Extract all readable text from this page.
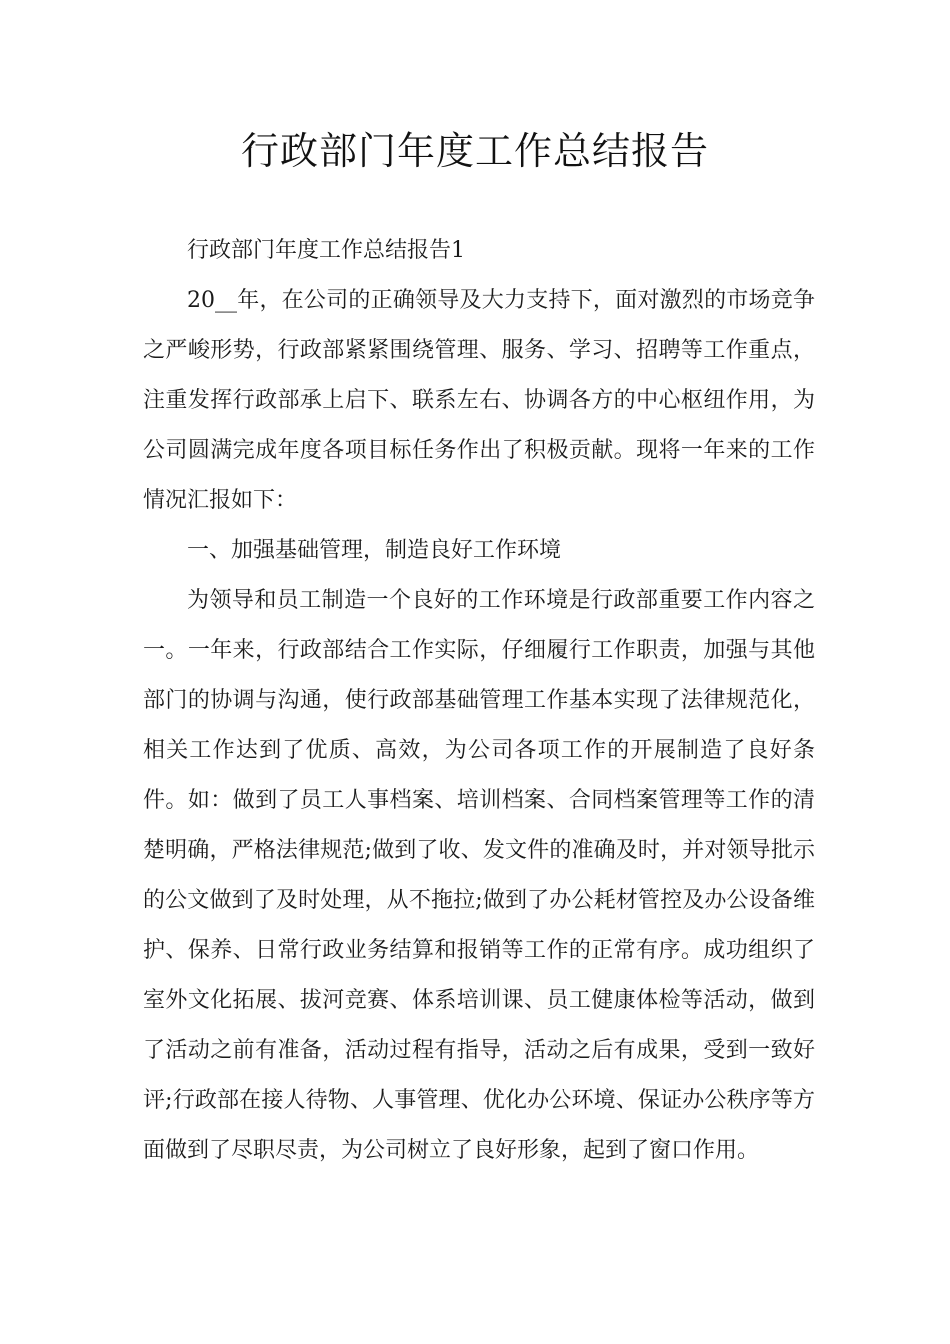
行政部门年度工作总结报告

行政部门年度工作总结报告1

20__年，在公司的正确领导及大力支持下，面对激烈的市场竞争之严峻形势，行政部紧紧围绕管理、服务、学习、招聘等工作重点，注重发挥行政部承上启下、联系左右、协调各方的中心枢纽作用，为公司圆满完成年度各项目标任务作出了积极贡献。现将一年来的工作情况汇报如下：

一、加强基础管理，制造良好工作环境

为领导和员工制造一个良好的工作环境是行政部重要工作内容之一。一年来，行政部结合工作实际，仔细履行工作职责，加强与其他部门的协调与沟通，使行政部基础管理工作基本实现了法律规范化，相关工作达到了优质、高效，为公司各项工作的开展制造了良好条件。如：做到了员工人事档案、培训档案、合同档案管理等工作的清楚明确，严格法律规范;做到了收、发文件的准确及时，并对领导批示的公文做到了及时处理，从不拖拉;做到了办公耗材管控及办公设备维护、保养、日常行政业务结算和报销等工作的正常有序。成功组织了室外文化拓展、拔河竞赛、体系培训课、员工健康体检等活动，做到了活动之前有准备，活动过程有指导，活动之后有成果，受到一致好评;行政部在接人待物、人事管理、优化办公环境、保证办公秩序等方面做到了尽职尽责，为公司树立了良好形象，起到了窗口作用。
